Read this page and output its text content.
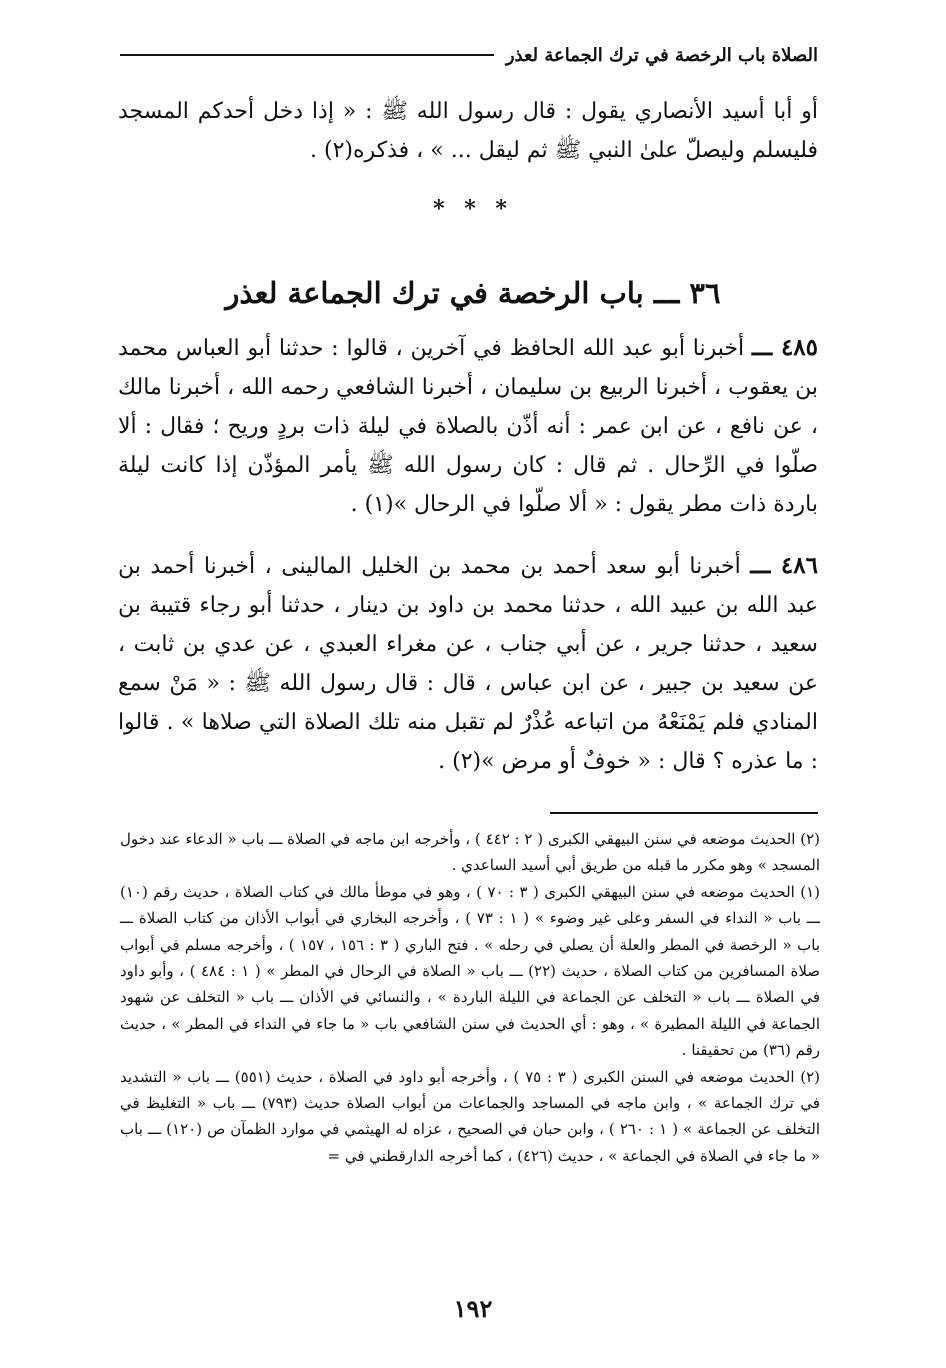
الصلاة باب الرخصة في ترك الجماعة لعذر

أو أبا أسيد الأنصاري يقول : قال رسول الله ﷺ : « إذا دخل أحدكم المسجد فليسلم وليصلّ علىٰ النبي ﷺ ثم ليقل ... » ، فذكره(٢) .

* * *
٣٦ ـــ باب الرخصة في ترك الجماعة لعذر

٤٨٥ ـــ أخبرنا أبو عبد الله الحافظ في آخرين ، قالوا : حدثنا أبو العباس محمد بن يعقوب ، أخبرنا الربيع بن سليمان ، أخبرنا الشافعي رحمه الله ، أخبرنا مالك ، عن نافع ، عن ابن عمر : أنه أذّن بالصلاة في ليلة ذات بردٍ وريح ؛ فقال : ألا صلّوا في الرِّحال . ثم قال : كان رسول الله ﷺ يأمر المؤذّن إذا كانت ليلة باردة ذات مطر يقول : « ألا صلّوا في الرحال »(١) .

٤٨٦ ـــ أخبرنا أبو سعد أحمد بن محمد بن الخليل المالينى ، أخبرنا أحمد بن عبد الله بن عبيد الله ، حدثنا محمد بن داود بن دينار ، حدثنا أبو رجاء قتيبة بن سعيد ، حدثنا جرير ، عن أبي جناب ، عن مغراء العبدي ، عن عدي بن ثابت ، عن سعيد بن جبير ، عن ابن عباس ، قال : قال رسول الله ﷺ : « مَنْ سمع المنادي فلم يَمْنَعْهُ من اتباعه عُذْرٌ لم تقبل منه تلك الصلاة التي صلاها » . قالوا : ما عذره ؟ قال : « خوفٌ أو مرض »(٢) .

(٢) الحديث موضعه في سنن البيهقي الكبرى ( ٢ : ٤٤٢ ) ، وأخرجه ابن ماجه في الصلاة ـــ باب « الدعاء عند دخول المسجد » وهو مكرر ما قبله من طريق أبي أسيد الساعدي .

(١) الحديث موضعه في سنن البيهقي الكبرى ( ٣ : ٧٠ ) ، وهو في موطأ مالك في كتاب الصلاة ، حديث رقم (١٠) ـــ باب « النداء في السفر وعلى غير وضوء » ( ١ : ٧٣ ) ، وأخرجه البخاري في أبواب الأذان من كتاب الصلاة ـــ باب « الرخصة في المطر والعلة أن يصلي في رحله » . فتح الباري ( ٣ : ١٥٦ ، ١٥٧ ) ، وأخرجه مسلم في أبواب صلاة المسافرين من كتاب الصلاة ، حديث (٢٢) ـــ باب « الصلاة في الرحال في المطر » ( ١ : ٤٨٤ ) ، وأبو داود في الصلاة ـــ باب « التخلف عن الجماعة في الليلة الباردة » ، والنسائي في الأذان ـــ باب « التخلف عن شهود الجماعة في الليلة المطيرة » ، وهو : أي الحديث في سنن الشافعي باب « ما جاء في النداء في المطر » ، حديث رقم (٣٦) من تحقيقنا .

(٢) الحديث موضعه في السنن الكبرى ( ٣ : ٧٥ ) ، وأخرجه أبو داود في الصلاة ، حديث (٥٥١) ـــ باب « التشديد في ترك الجماعة » ، وابن ماجه في المساجد والجماعات من أبواب الصلاة حديث (٧٩٣) ـــ باب « التغليظ في التخلف عن الجماعة » ( ١ : ٢٦٠ ) ، وابن حبان في الصحيح ، عزاه له الهيثمي في موارد الظمآن ص (١٢٠) ـــ باب « ما جاء في الصلاة في الجماعة » ، حديث (٤٢٦) ، كما أخرجه الدارقطني في =

١٩٢
